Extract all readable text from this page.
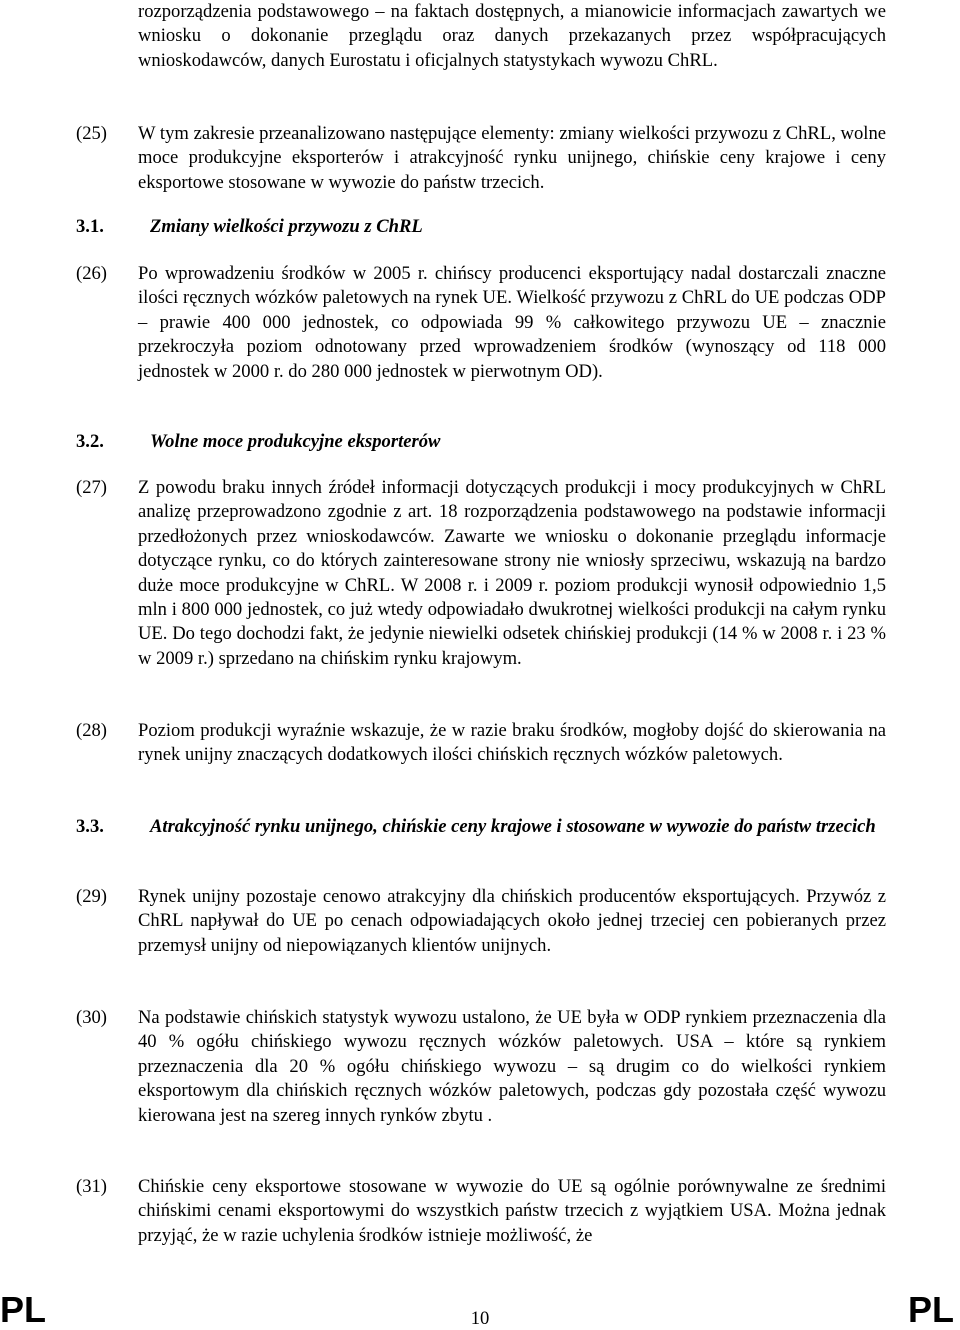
rozporządzenia podstawowego – na faktach dostępnych, a mianowicie informacjach zawartych we wniosku o dokonanie przeglądu oraz danych przekazanych przez współpracujących wnioskodawców, danych Eurostatu i oficjalnych statystykach wywozu ChRL.
(25) W tym zakresie przeanalizowano następujące elementy: zmiany wielkości przywozu z ChRL, wolne moce produkcyjne eksporterów i atrakcyjność rynku unijnego, chińskie ceny krajowe i ceny eksportowe stosowane w wywozie do państw trzecich.
3.1. Zmiany wielkości przywozu z ChRL
(26) Po wprowadzeniu środków w 2005 r. chińscy producenci eksportujący nadal dostarczali znaczne ilości ręcznych wózków paletowych na rynek UE. Wielkość przywozu z ChRL do UE podczas ODP – prawie 400 000 jednostek, co odpowiada 99 % całkowitego przywozu UE – znacznie przekroczyła poziom odnotowany przed wprowadzeniem środków (wynoszący od 118 000 jednostek w 2000 r. do 280 000 jednostek w pierwotnym OD).
3.2. Wolne moce produkcyjne eksporterów
(27) Z powodu braku innych źródeł informacji dotyczących produkcji i mocy produkcyjnych w ChRL analizę przeprowadzono zgodnie z art. 18 rozporządzenia podstawowego na podstawie informacji przedłożonych przez wnioskodawców. Zawarte we wniosku o dokonanie przeglądu informacje dotyczące rynku, co do których zainteresowane strony nie wniosły sprzeciwu, wskazują na bardzo duże moce produkcyjne w ChRL. W 2008 r. i 2009 r. poziom produkcji wynosił odpowiednio 1,5 mln i 800 000 jednostek, co już wtedy odpowiadało dwukrotnej wielkości produkcji na całym rynku UE. Do tego dochodzi fakt, że jedynie niewielki odsetek chińskiej produkcji (14 % w 2008 r. i 23 % w 2009 r.) sprzedano na chińskim rynku krajowym.
(28) Poziom produkcji wyraźnie wskazuje, że w razie braku środków, mogłoby dojść do skierowania na rynek unijny znaczących dodatkowych ilości chińskich ręcznych wózków paletowych.
3.3. Atrakcyjność rynku unijnego, chińskie ceny krajowe i stosowane w wywozie do państw trzecich
(29) Rynek unijny pozostaje cenowo atrakcyjny dla chińskich producentów eksportujących. Przywóz z ChRL napływał do UE po cenach odpowiadających około jednej trzeciej cen pobieranych przez przemysł unijny od niepowiązanych klientów unijnych.
(30) Na podstawie chińskich statystyk wywozu ustalono, że UE była w ODP rynkiem przeznaczenia dla 40 % ogółu chińskiego wywozu ręcznych wózków paletowych. USA – które są rynkiem przeznaczenia dla 20 % ogółu chińskiego wywozu – są drugim co do wielkości rynkiem eksportowym dla chińskich ręcznych wózków paletowych, podczas gdy pozostała część wywozu kierowana jest na szereg innych rynków zbytu .
(31) Chińskie ceny eksportowe stosowane w wywozie do UE są ogólnie porównywalne ze średnimi chińskimi cenami eksportowymi do wszystkich państw trzecich z wyjątkiem USA. Można jednak przyjąć, że w razie uchylenia środków istnieje możliwość, że
PL	10	PL
